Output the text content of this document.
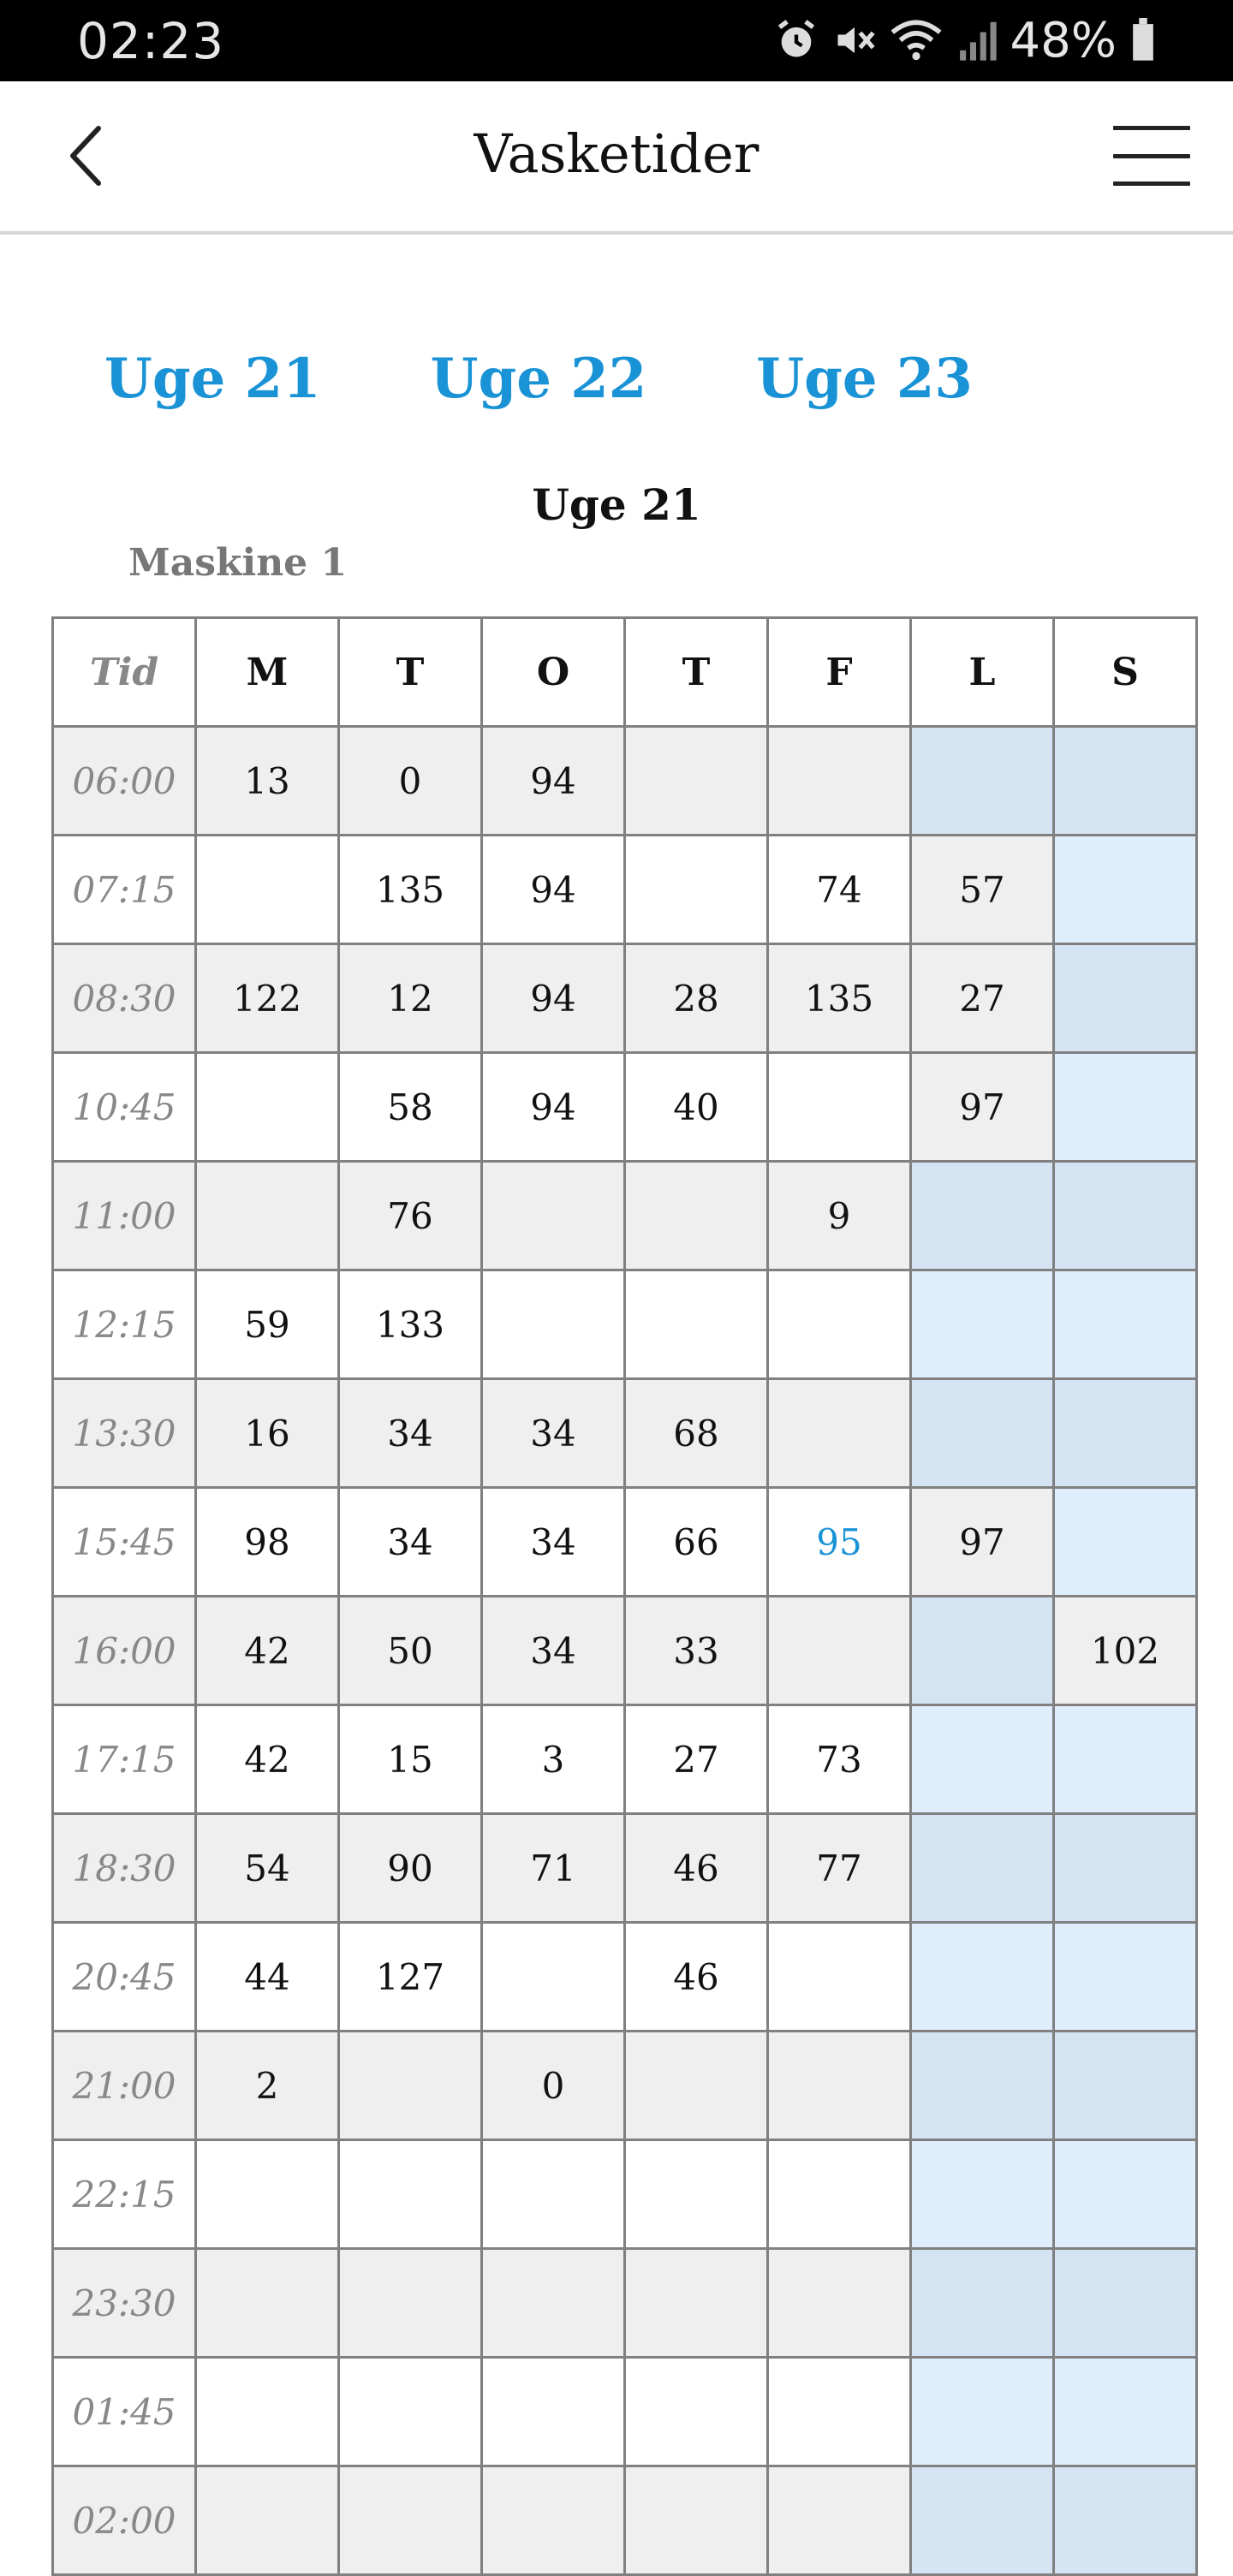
02:23	48%
Vasketider
Uge 21 Uge 22 Uge 23
Uge 21
Maskine 1
Tid	M	T	O	T	F	L	S
06:00	13	0	94				
07:15		135	94		74	57	
08:30	122	12	94	28	135	27	
10:45		58	94	40		97	
11:00		76			9		
12:15	59	133					
13:30	16	34	34	68			
15:45	98	34	34	66	95	97	
16:00	42	50	34	33			102
17:15	42	15	3	27	73		
18:30	54	90	71	46	77		
20:45	44	127		46			
21:00	2		0				
22:15							
23:30							
01:45							
02:00							
